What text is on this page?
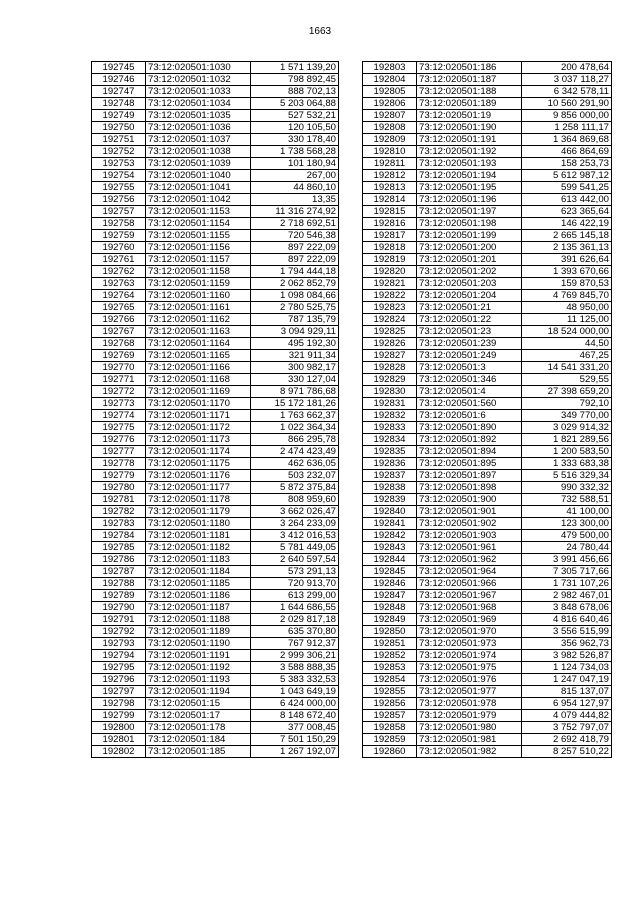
1663
192745	73:12:020501:1030	1 571 139,20
192746	73:12:020501:1032	798 892,45
192747	73:12:020501:1033	888 702,13
192748	73:12:020501:1034	5 203 064,88
192749	73:12:020501:1035	527 532,21
192750	73:12:020501:1036	120 105,50
192751	73:12:020501:1037	330 178,40
192752	73:12:020501:1038	1 738 568,28
192753	73:12:020501:1039	101 180,94
192754	73:12:020501:1040	267,00
192755	73:12:020501:1041	44 860,10
192756	73:12:020501:1042	13,35
192757	73:12:020501:1153	11 316 274,92
192758	73:12:020501:1154	2 718 692,51
192759	73:12:020501:1155	720 546,38
192760	73:12:020501:1156	897 222,09
192761	73:12:020501:1157	897 222,09
192762	73:12:020501:1158	1 794 444,18
192763	73:12:020501:1159	2 062 852,79
192764	73:12:020501:1160	1 098 084,66
192765	73:12:020501:1161	2 780 525,75
192766	73:12:020501:1162	787 135,79
192767	73:12:020501:1163	3 094 929,11
192768	73:12:020501:1164	495 192,30
192769	73:12:020501:1165	321 911,34
192770	73:12:020501:1166	300 982,17
192771	73:12:020501:1168	330 127,04
192772	73:12:020501:1169	8 971 786,68
192773	73:12:020501:1170	15 172 181,26
192774	73:12:020501:1171	1 763 662,37
192775	73:12:020501:1172	1 022 364,34
192776	73:12:020501:1173	866 295,78
192777	73:12:020501:1174	2 474 423,49
192778	73:12:020501:1175	462 636,05
192779	73:12:020501:1176	503 232,07
192780	73:12:020501:1177	5 872 375,84
192781	73:12:020501:1178	808 959,60
192782	73:12:020501:1179	3 662 026,47
192783	73:12:020501:1180	3 264 233,09
192784	73:12:020501:1181	3 412 016,53
192785	73:12:020501:1182	5 781 449,05
192786	73:12:020501:1183	2 640 597,54
192787	73:12:020501:1184	573 291,13
192788	73:12:020501:1185	720 913,70
192789	73:12:020501:1186	613 299,00
192790	73:12:020501:1187	1 644 686,55
192791	73:12:020501:1188	2 029 817,18
192792	73:12:020501:1189	635 370,80
192793	73:12:020501:1190	767 912,37
192794	73:12:020501:1191	2 999 306,21
192795	73:12:020501:1192	3 588 888,35
192796	73:12:020501:1193	5 383 332,53
192797	73:12:020501:1194	1 043 649,19
192798	73:12:020501:15	6 424 000,00
192799	73:12:020501:17	8 148 672,40
192800	73:12:020501:178	377 008,45
192801	73:12:020501:184	7 501 150,29
192802	73:12:020501:185	1 267 192,07
192803	73:12:020501:186	200 478,64
192804	73:12:020501:187	3 037 118,27
192805	73:12:020501:188	6 342 578,11
192806	73:12:020501:189	10 560 291,90
192807	73:12:020501:19	9 856 000,00
192808	73:12:020501:190	1 258 111,17
192809	73:12:020501:191	1 364 869,68
192810	73:12:020501:192	466 864,69
192811	73:12:020501:193	158 253,73
192812	73:12:020501:194	5 612 987,12
192813	73:12:020501:195	599 541,25
192814	73:12:020501:196	613 442,00
192815	73:12:020501:197	623 365,64
192816	73:12:020501:198	146 422,19
192817	73:12:020501:199	2 665 145,18
192818	73:12:020501:200	2 135 361,13
192819	73:12:020501:201	391 626,64
192820	73:12:020501:202	1 393 670,66
192821	73:12:020501:203	159 870,53
192822	73:12:020501:204	4 769 845,70
192823	73:12:020501:21	48 950,00
192824	73:12:020501:22	11 125,00
192825	73:12:020501:23	18 524 000,00
192826	73:12:020501:239	44,50
192827	73:12:020501:249	467,25
192828	73:12:020501:3	14 541 331,20
192829	73:12:020501:346	529,55
192830	73:12:020501:4	27 398 659,20
192831	73:12:020501:560	792,10
192832	73:12:020501:6	349 770,00
192833	73:12:020501:890	3 029 914,32
192834	73:12:020501:892	1 821 289,56
192835	73:12:020501:894	1 200 583,50
192836	73:12:020501:895	1 333 683,38
192837	73:12:020501:897	5 516 329,34
192838	73:12:020501:898	990 332,32
192839	73:12:020501:900	732 588,51
192840	73:12:020501:901	41 100,00
192841	73:12:020501:902	123 300,00
192842	73:12:020501:903	479 500,00
192843	73:12:020501:961	24 780,44
192844	73:12:020501:962	3 991 456,66
192845	73:12:020501:964	7 305 717,66
192846	73:12:020501:966	1 731 107,26
192847	73:12:020501:967	2 982 467,01
192848	73:12:020501:968	3 848 678,06
192849	73:12:020501:969	4 816 640,46
192850	73:12:020501:970	3 556 515,99
192851	73:12:020501:973	356 962,73
192852	73:12:020501:974	3 982 526,87
192853	73:12:020501:975	1 124 734,03
192854	73:12:020501:976	1 247 047,19
192855	73:12:020501:977	815 137,07
192856	73:12:020501:978	6 954 127,97
192857	73:12:020501:979	4 079 444,82
192858	73:12:020501:980	3 752 797,07
192859	73:12:020501:981	2 692 418,79
192860	73:12:020501:982	8 257 510,22
